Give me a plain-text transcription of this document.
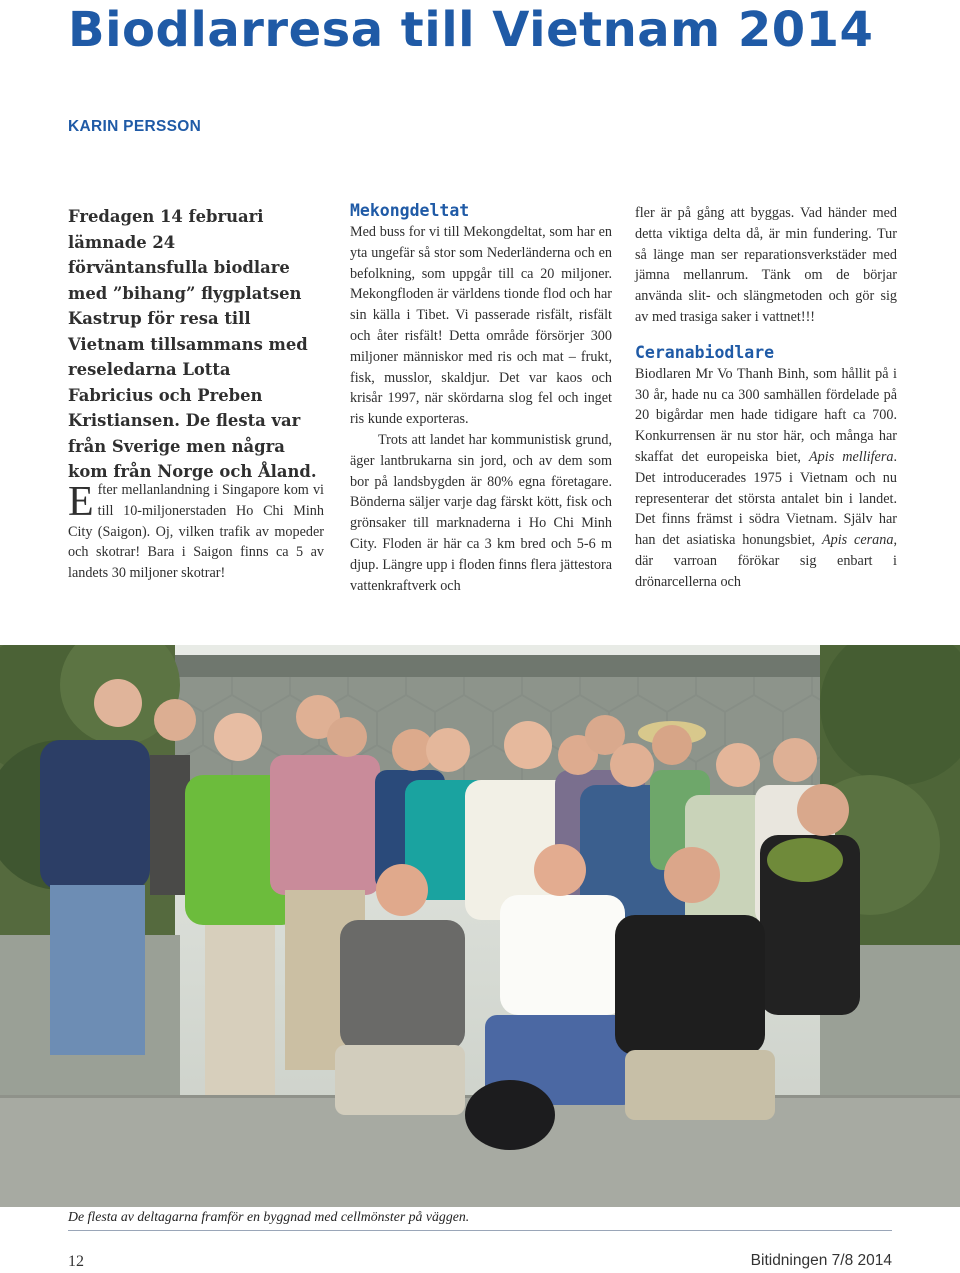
Biodlarresa till Vietnam 2014
KARIN PERSSON

Fredagen 14 februari lämnade 24 förväntansfulla biodlare med ”bihang” flygplatsen Kastrup för resa till Vietnam tillsammans med reseledarna Lotta Fabricius och Preben Kristiansen. De flesta var från Sverige men några kom från Norge och Åland.

Efter mellanlandning i Singapore kom vi till 10-miljonerstaden Ho Chi Minh City (Saigon). Oj, vilken trafik av mopeder och skotrar! Bara i Saigon finns ca 5 av landets 30 miljoner skotrar!

Mekongdeltat

Med buss for vi till Mekongdeltat, som har en yta ungefär så stor som Nederländerna och en befolkning, som uppgår till ca 20 miljoner. Mekongfloden är världens tionde flod och har sin källa i Tibet. Vi passerade risfält, risfält och åter risfält! Detta område försörjer 300 miljoner människor med ris och mat – frukt, fisk, musslor, skaldjur. Det var kaos och krisår 1997, när skördarna slog fel och inget ris kunde exporteras.

Trots att landet har kommunistisk grund, äger lantbrukarna sin jord, och av dem som bor på landsbygden är 80% egna företagare. Bönderna säljer varje dag färskt kött, fisk och grönsaker till marknaderna i Ho Chi Minh City. Floden är här ca 3 km bred och 5-6 m djup. Längre upp i floden finns flera jättestora vattenkraftverk och

fler är på gång att byggas. Vad händer med detta viktiga delta då, är min fundering. Tur så länge man ser reparationsverkstäder med jämna mellanrum. Tänk om de börjar använda slit- och slängmetoden och gör sig av med trasiga saker i vattnet!!!

Ceranabiodlare

Biodlaren Mr Vo Thanh Binh, som hållit på i 30 år, hade nu ca 300 samhällen fördelade på 20 bigårdar men hade tidigare haft ca 700. Konkurrensen är nu stor här, och många har skaffat det europeiska biet, Apis mellifera. Det introducerades 1975 i Vietnam och nu representerar det största antalet bin i landet. Det finns främst i södra Vietnam. Själv har han det asiatiska honungsbiet, Apis cerana, där varroan förökar sig enbart i drönarcellerna och

De flesta av deltagarna framför en byggnad med cellmönster på väggen.
12	Bitidningen 7/8 2014
